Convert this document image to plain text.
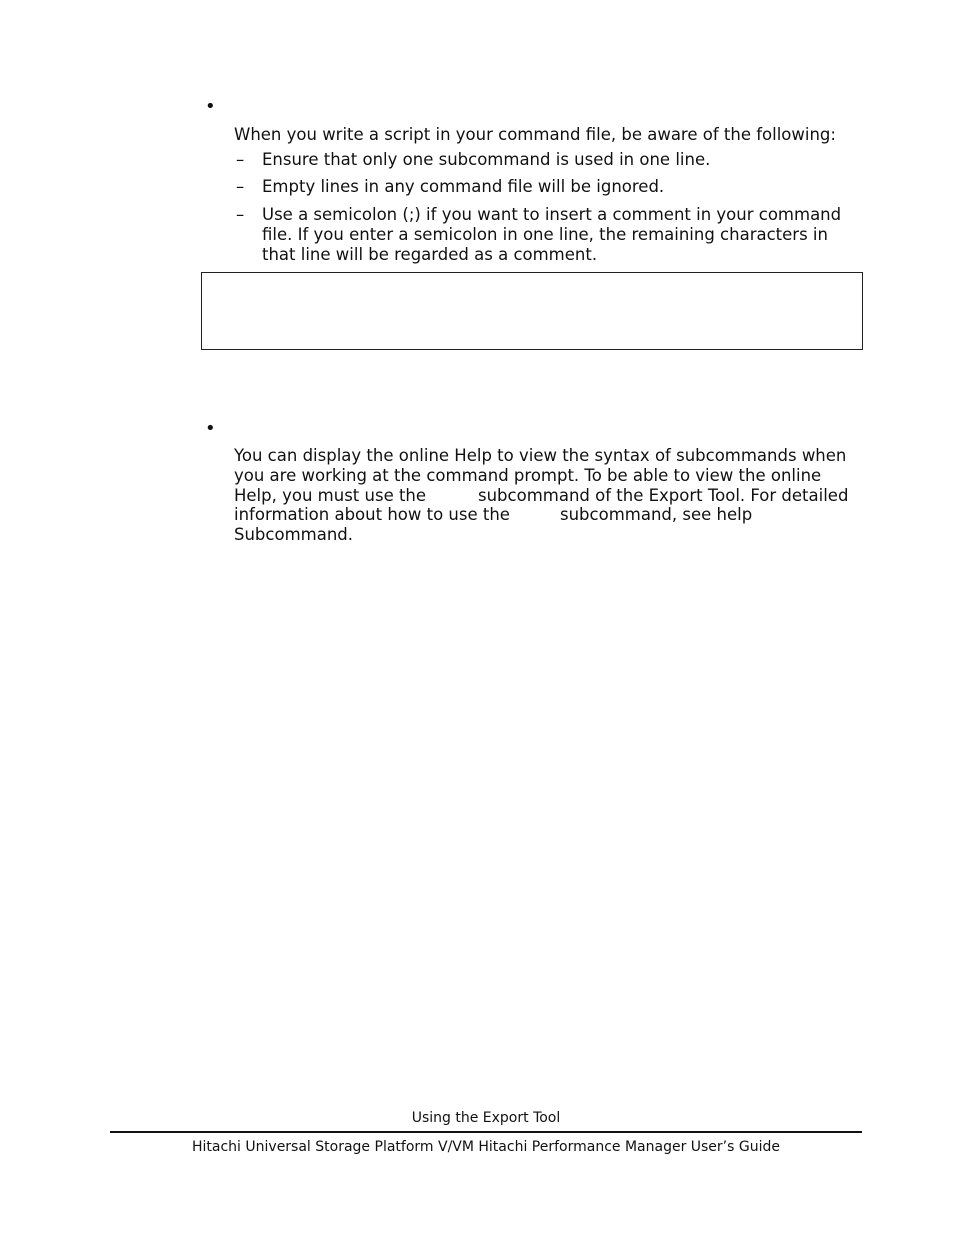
•
When you write a script in your command file, be aware of the following:
– Ensure that only one subcommand is used in one line.
– Empty lines in any command file will be ignored.
– Use a semicolon (;) if you want to insert a comment in your command
file. If you enter a semicolon in one line, the remaining characters in
that line will be regarded as a comment.
•
You can display the online Help to view the syntax of subcommands when
you are working at the command prompt. To be able to view the online
Help, you must use the	subcommand of the Export Tool. For detailed
information about how to use the	subcommand, see help
Subcommand.
Using the Export Tool
Hitachi Universal Storage Platform V/VM Hitachi Performance Manager User’s Guide
